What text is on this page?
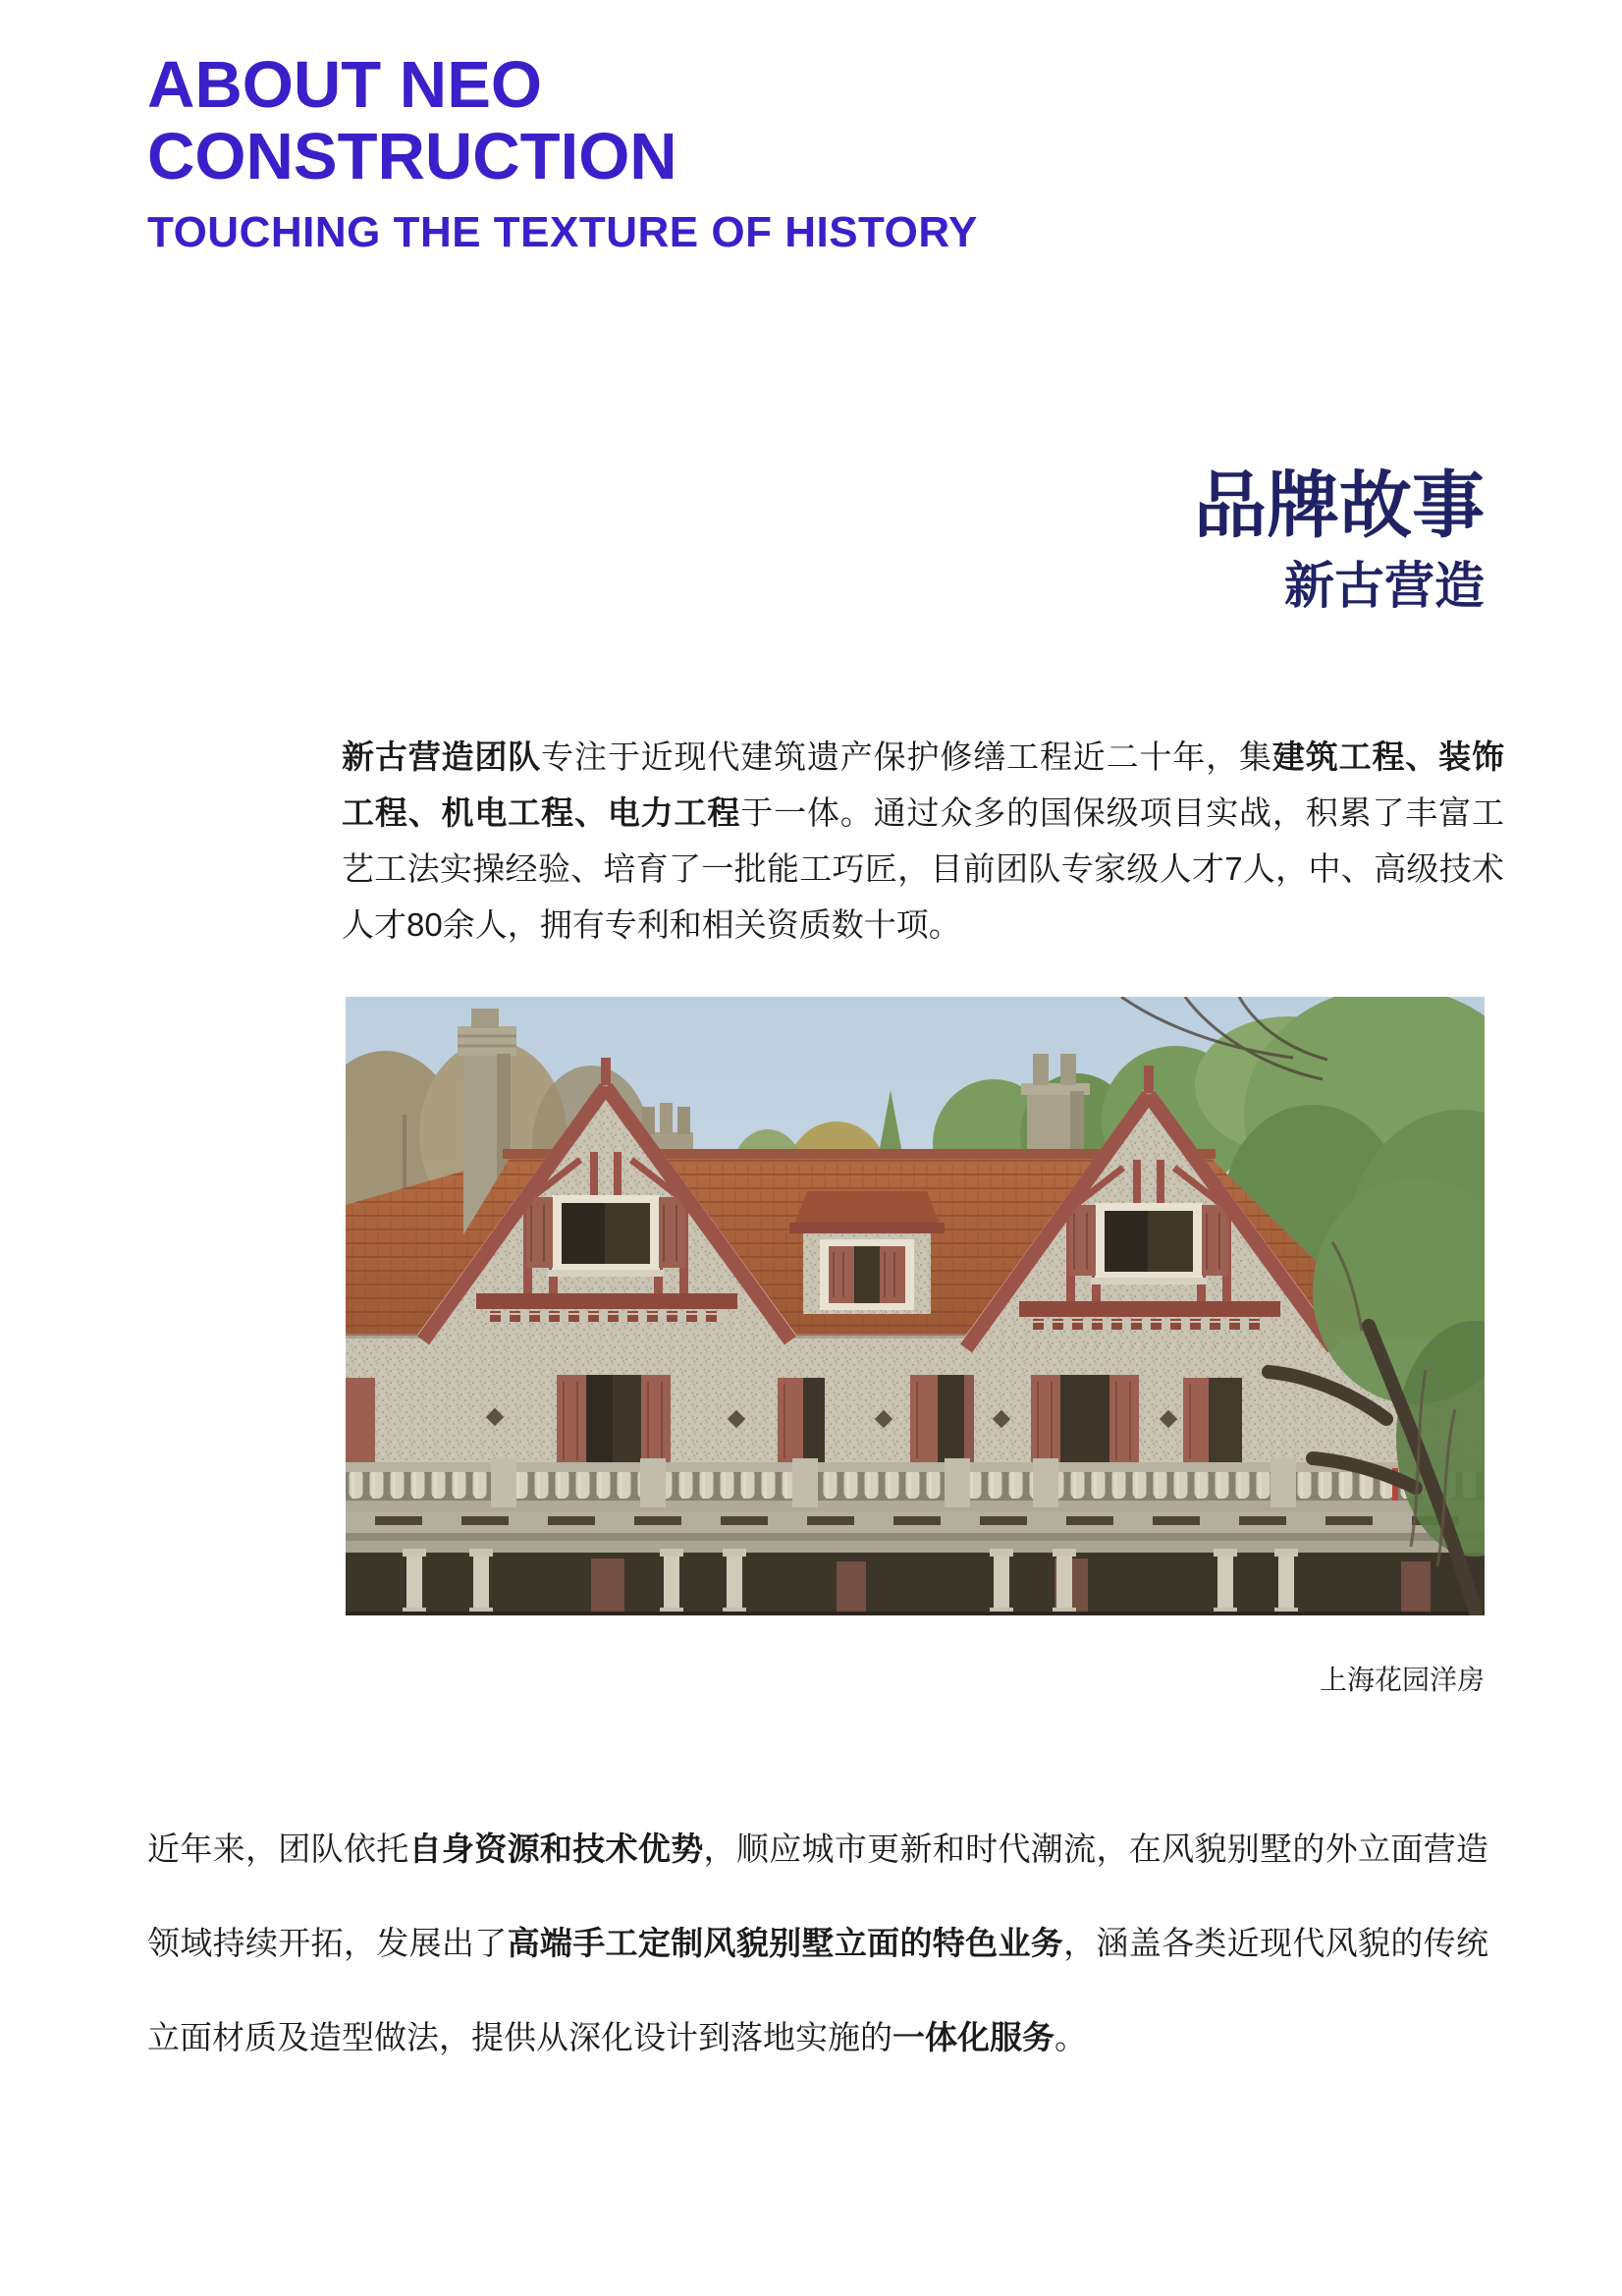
ABOUT NEO
CONSTRUCTION
TOUCHING THE TEXTURE OF HISTORY
品牌故事
新古营造
新古营造团队专注于近现代建筑遗产保护修缮工程近二十年，集建筑工程、装饰工程、机电工程、电力工程于一体。通过众多的国保级项目实战，积累了丰富工艺工法实操经验、培育了一批能工巧匠，目前团队专家级人才7人，中、高级技术人才80余人，拥有专利和相关资质数十项。
上海花园洋房
近年来，团队依托自身资源和技术优势，顺应城市更新和时代潮流，在风貌别墅的外立面营造领域持续开拓，发展出了高端手工定制风貌别墅立面的特色业务，涵盖各类近现代风貌的传统立面材质及造型做法，提供从深化设计到落地实施的一体化服务。
